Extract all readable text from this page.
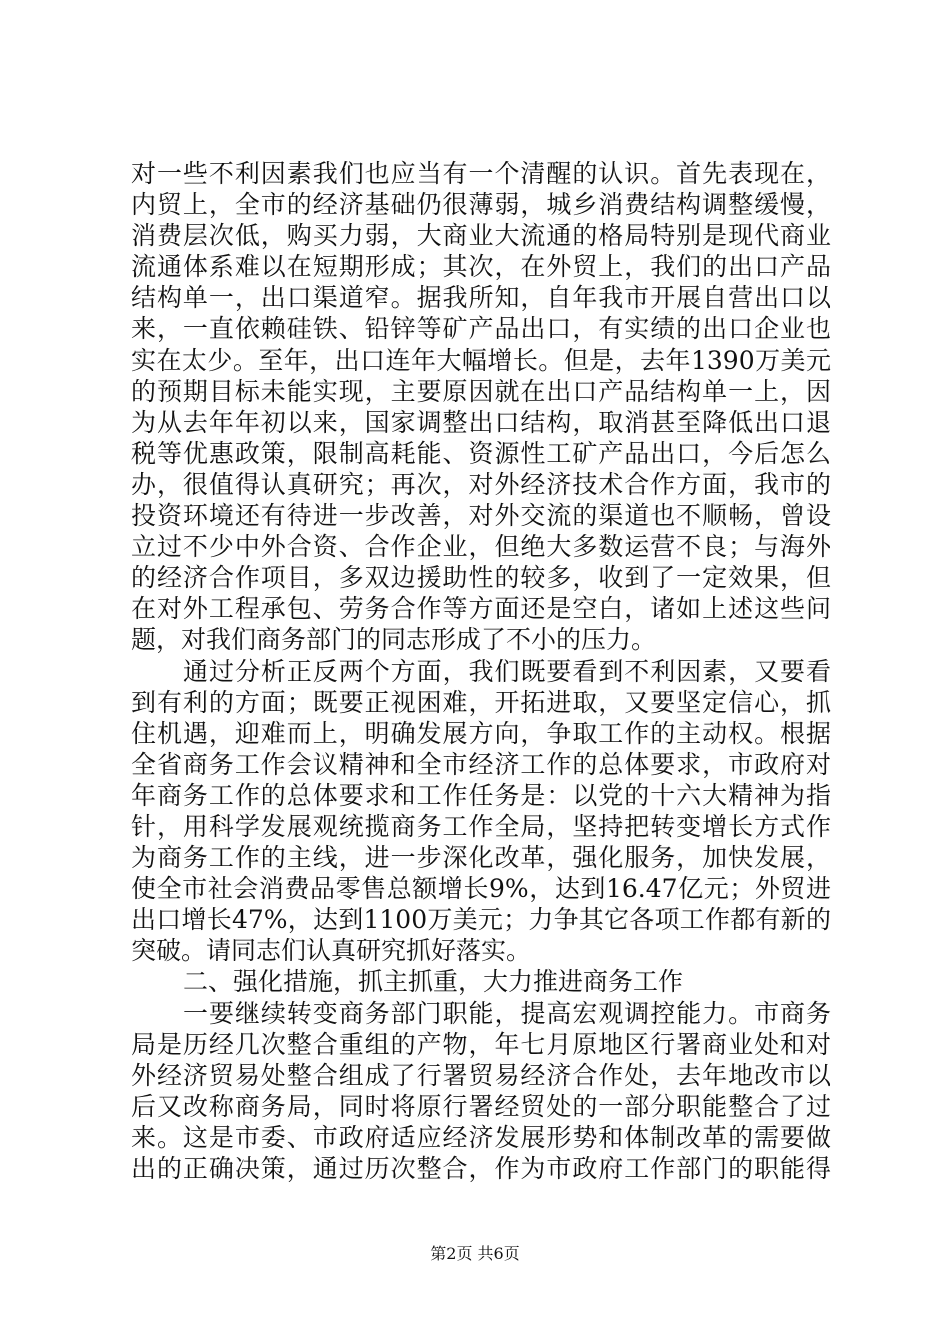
对一些不利因素我们也应当有一个清醒的认识。首先表现在，
内贸上，全市的经济基础仍很薄弱，城乡消费结构调整缓慢，
消费层次低，购买力弱，大商业大流通的格局特别是现代商业
流通体系难以在短期形成；其次，在外贸上，我们的出口产品
结构单一，出口渠道窄。据我所知，自年我市开展自营出口以
来，一直依赖硅铁、铅锌等矿产品出口，有实绩的出口企业也
实在太少。至年，出口连年大幅增长。但是，去年1390万美元
的预期目标未能实现，主要原因就在出口产品结构单一上，因
为从去年年初以来，国家调整出口结构，取消甚至降低出口退
税等优惠政策，限制高耗能、资源性工矿产品出口，今后怎么
办，很值得认真研究；再次，对外经济技术合作方面，我市的
投资环境还有待进一步改善，对外交流的渠道也不顺畅，曾设
立过不少中外合资、合作企业，但绝大多数运营不良；与海外
的经济合作项目，多双边援助性的较多，收到了一定效果，但
在对外工程承包、劳务合作等方面还是空白，诸如上述这些问
题，对我们商务部门的同志形成了不小的压力。
通过分析正反两个方面，我们既要看到不利因素，又要看
到有利的方面；既要正视困难，开拓进取，又要坚定信心，抓
住机遇，迎难而上，明确发展方向，争取工作的主动权。根据
全省商务工作会议精神和全市经济工作的总体要求，市政府对
年商务工作的总体要求和工作任务是：以党的十六大精神为指
针，用科学发展观统揽商务工作全局，坚持把转变增长方式作
为商务工作的主线，进一步深化改革，强化服务，加快发展，
使全市社会消费品零售总额增长9%，达到16.47亿元；外贸进
出口增长47%，达到1100万美元；力争其它各项工作都有新的
突破。请同志们认真研究抓好落实。
二、强化措施，抓主抓重，大力推进商务工作
一要继续转变商务部门职能，提高宏观调控能力。市商务
局是历经几次整合重组的产物，年七月原地区行署商业处和对
外经济贸易处整合组成了行署贸易经济合作处，去年地改市以
后又改称商务局，同时将原行署经贸处的一部分职能整合了过
来。这是市委、市政府适应经济发展形势和体制改革的需要做
出的正确决策，通过历次整合，作为市政府工作部门的职能得
第2页 共6页
